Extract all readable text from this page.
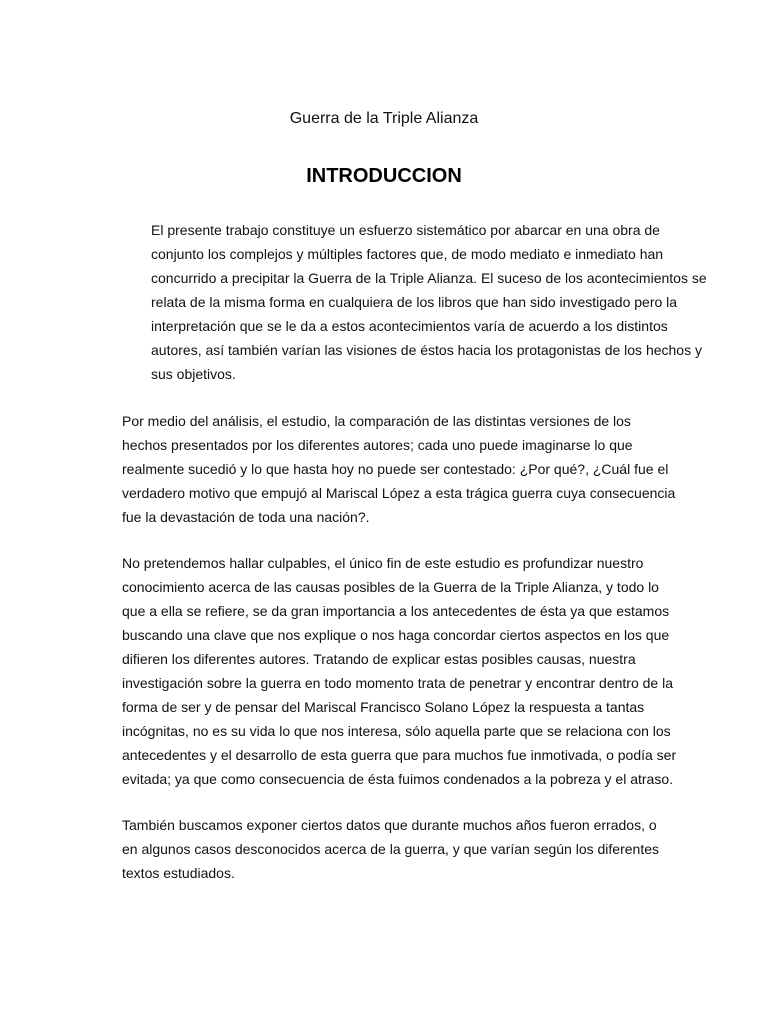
Guerra de la Triple Alianza
INTRODUCCION
El presente trabajo constituye un esfuerzo sistemático por abarcar en una obra de
conjunto los complejos y múltiples factores que, de modo mediato e inmediato han
concurrido a precipitar la Guerra de la Triple Alianza. El suceso de los acontecimientos se
relata de la misma forma en cualquiera de los libros que han sido investigado pero la
interpretación que se le da a estos acontecimientos varía de acuerdo a los distintos
autores, así también varían las visiones de éstos hacia los protagonistas de los hechos y
sus objetivos.
Por medio del análisis, el estudio, la comparación de las distintas versiones de los
hechos presentados por los diferentes autores; cada uno puede imaginarse lo que
realmente sucedió y lo que hasta hoy no puede ser contestado: ¿Por qué?, ¿Cuál fue el
verdadero motivo que empujó al Mariscal López a esta trágica guerra cuya consecuencia
fue la devastación de toda una nación?.
No pretendemos hallar culpables, el único fin de este estudio es profundizar nuestro
conocimiento acerca de las causas posibles de la Guerra de la Triple Alianza, y todo lo
que a ella se refiere, se da gran importancia a los antecedentes de ésta ya que estamos
buscando una clave que nos explique o nos haga concordar ciertos aspectos en los que
difieren los diferentes autores. Tratando de explicar estas posibles causas, nuestra
investigación sobre la guerra en todo momento trata de penetrar y encontrar dentro de la
forma de ser y de pensar del Mariscal Francisco Solano López la respuesta a tantas
incógnitas, no es su vida lo que nos interesa, sólo aquella parte que se relaciona con los
antecedentes y el desarrollo de esta guerra que para muchos fue inmotivada, o podía ser
evitada; ya que como consecuencia de ésta fuimos condenados a la pobreza y el atraso.
También buscamos exponer ciertos datos que durante muchos años fueron errados, o
en algunos casos desconocidos acerca de la guerra, y que varían según los diferentes
textos estudiados.
